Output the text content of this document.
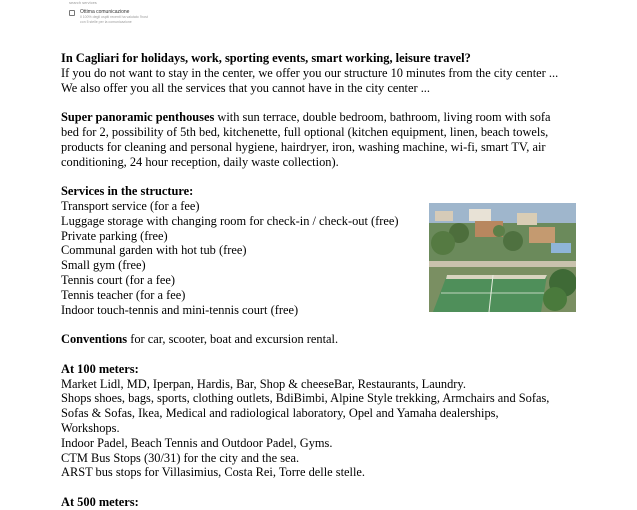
search services
Ottima comunicazione
Il 100% degli ospiti recenti ha valutato l'host
con 5 stelle per la comunicazione
In Cagliari for holidays, work, sporting events, smart working, leisure travel?
If you do not want to stay in the center, we offer you our structure 10 minutes from the city center ...
We also offer you all the services that you cannot have in the city center ...
Super panoramic penthouses with sun terrace, double bedroom, bathroom, living room with sofa
bed for 2, possibility of 5th bed, kitchenette, full optional (kitchen equipment, linen, beach towels,
products for cleaning and personal hygiene, hairdryer, iron, washing machine, wi-fi, smart TV, air
conditioning, 24 hour reception, daily waste collection).
Services in the structure:
Transport service (for a fee)
Luggage storage with changing room for check-in / check-out (free)
Private parking (free)
Communal garden with hot tub (free)
Small gym (free)
Tennis court (for a fee)
Tennis teacher (for a fee)
Indoor touch-tennis and mini-tennis court (free)
Conventions for car, scooter, boat and excursion rental.
At 100 meters:
Market Lidl, MD, Iperpan, Hardis, Bar, Shop & cheeseBar, Restaurants, Laundry.
Shops shoes, bags, sports, clothing outlets, BdiBimbi, Alpine Style trekking, Armchairs and Sofas,
Sofas & Sofas, Ikea, Medical and radiological laboratory, Opel and Yamaha dealerships,
Workshops.
Indoor Padel, Beach Tennis and Outdoor Padel, Gyms.
CTM Bus Stops (30/31) for the city and the sea.
ARST bus stops for Villasimius, Costa Rei, Torre delle stelle.
At 500 meters:
